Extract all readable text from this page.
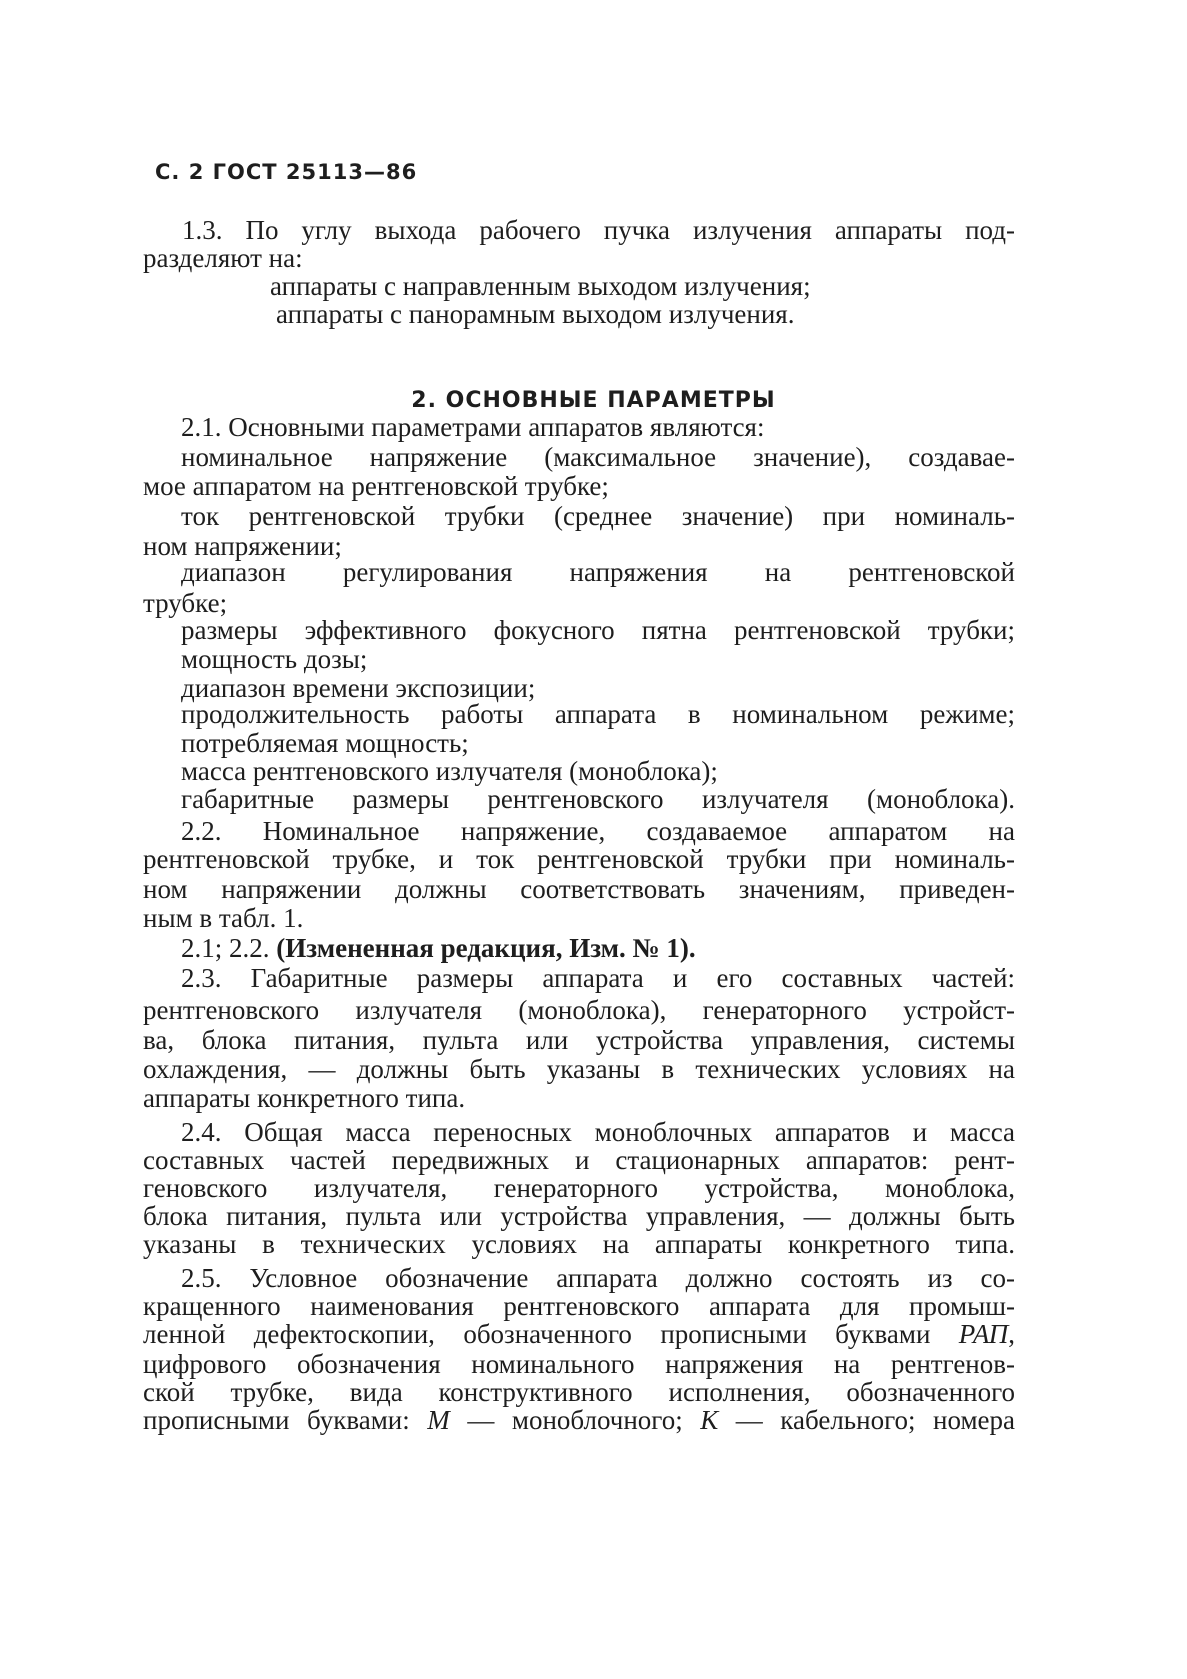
С. 2 ГОСТ 25113—86
1.3. По углу выхода рабочего пучка излучения аппараты под-
разделяют на:
аппараты с направленным выходом излучения;
аппараты с панорамным выходом излучения.
2. ОСНОВНЫЕ ПАРАМЕТРЫ
2.1. Основными параметрами аппаратов являются:
номинальное напряжение (максимальное значение), создавае-
мое аппаратом на рентгеновской трубке;
ток рентгеновской трубки (среднее значение) при номиналь-
ном напряжении;
диапазон регулирования напряжения на рентгеновской
трубке;
размеры эффективного фокусного пятна рентгеновской трубки;
мощность дозы;
диапазон времени экспозиции;
продолжительность работы аппарата в номинальном режиме;
потребляемая мощность;
масса рентгеновского излучателя (моноблока);
габаритные размеры рентгеновского излучателя (моноблока).
2.2. Номинальное напряжение, создаваемое аппаратом на
рентгеновской трубке, и ток рентгеновской трубки при номиналь-
ном напряжении должны соответствовать значениям, приведен-
ным в табл. 1.
2.1; 2.2. (Измененная редакция, Изм. № 1).
2.3. Габаритные размеры аппарата и его составных частей:
рентгеновского излучателя (моноблока), генераторного устройст-
ва, блока питания, пульта или устройства управления, системы
охлаждения, — должны быть указаны в технических условиях на
аппараты конкретного типа.
2.4. Общая масса переносных моноблочных аппаратов и масса
составных частей передвижных и стационарных аппаратов: рент-
геновского излучателя, генераторного устройства, моноблока,
блока питания, пульта или устройства управления, — должны быть
указаны в технических условиях на аппараты конкретного типа.
2.5. Условное обозначение аппарата должно состоять из со-
кращенного наименования рентгеновского аппарата для промыш-
ленной дефектоскопии, обозначенного прописными буквами РАП,
цифрового обозначения номинального напряжения на рентгенов-
ской трубке, вида конструктивного исполнения, обозначенного
прописными буквами: М — моноблочного; К — кабельного; номера
